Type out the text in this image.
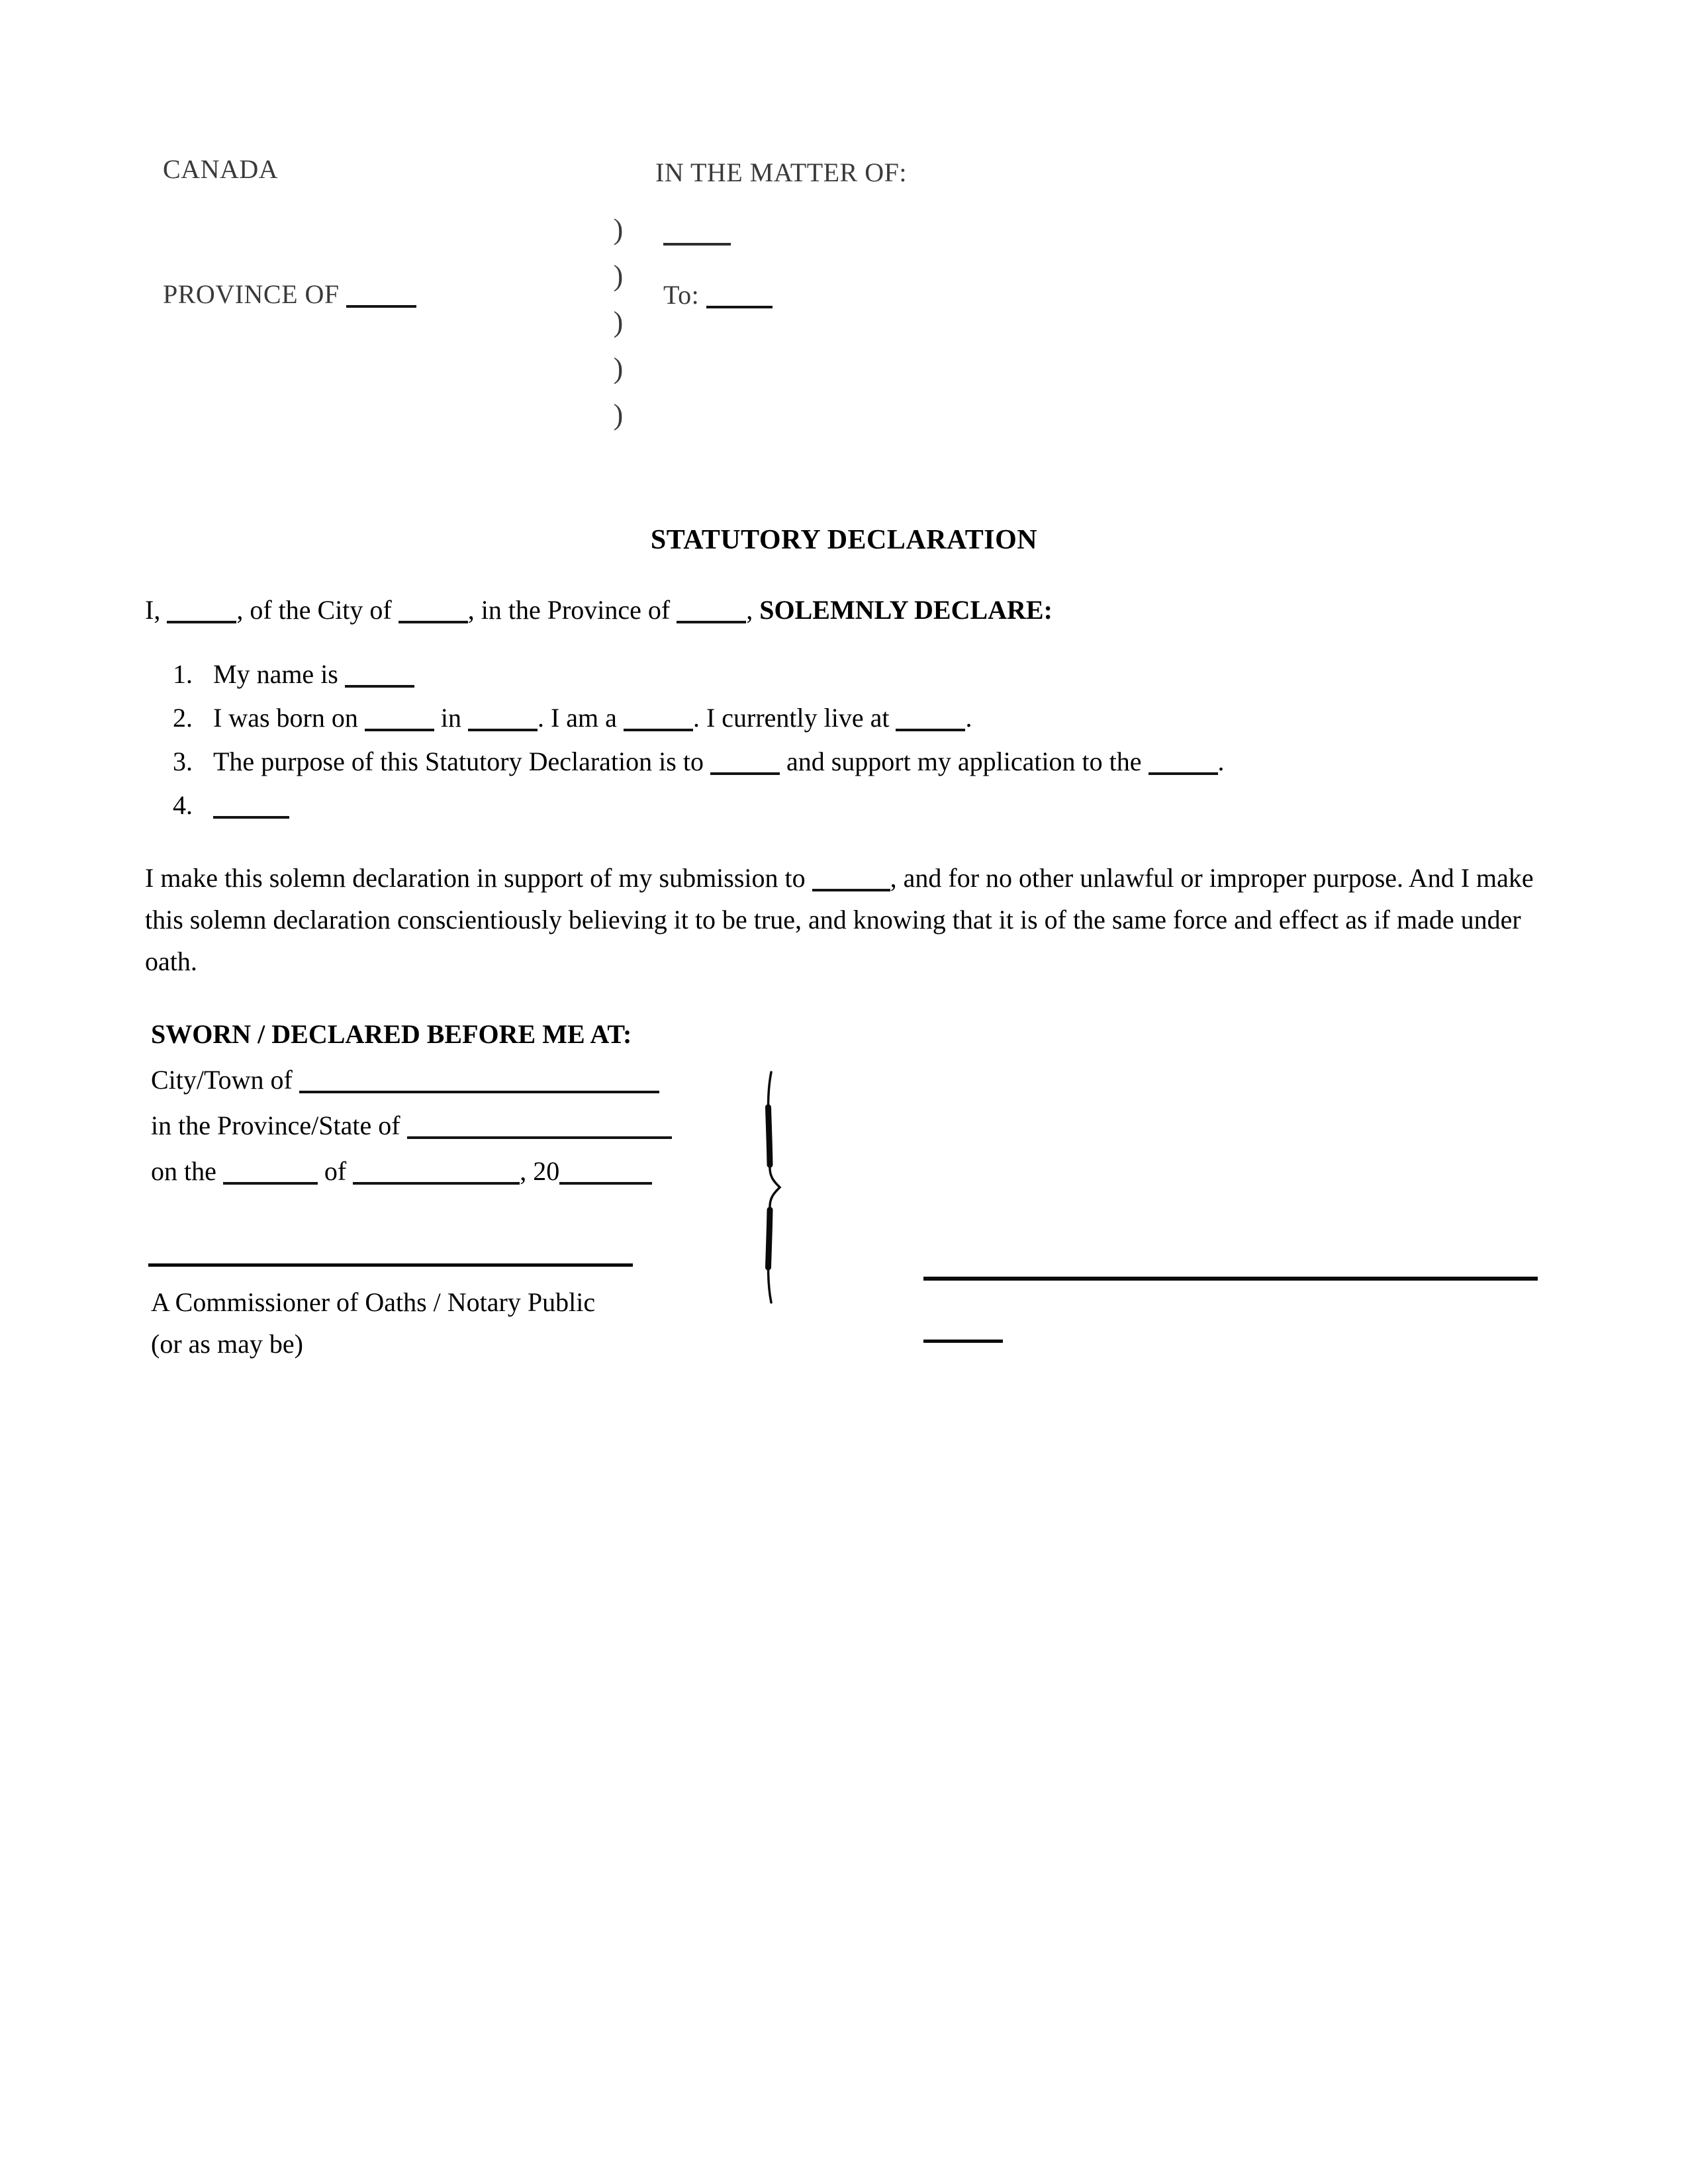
CANADA
PROVINCE OF
)
)
)
)
)
IN THE MATTER OF:
To:
STATUTORY DECLARATION
I,	, of the City of	, in the Province of	, SOLEMNLY DECLARE:
1. My name is
2. I was born on	in	. I am a	. I currently live at	.
3. The purpose of this Statutory Declaration is to	and support my application to the	.
4.
I make this solemn declaration in support of my submission to	, and for no other unlawful or improper purpose. And I make this solemn declaration conscientiously believing it to be true, and knowing that it is of the same force and effect as if made under oath.
SWORN / DECLARED BEFORE ME AT:
City/Town of
in the Province/State of
on the	of	, 20
A Commissioner of Oaths / Notary Public
(or as may be)
